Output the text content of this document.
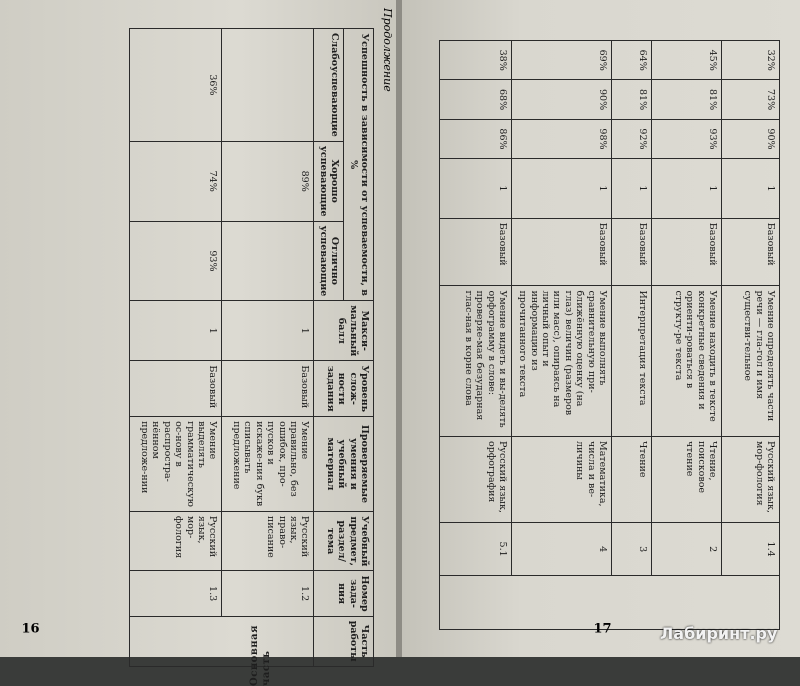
Продолжение
Успешность в зависимости от успеваемости, в %			Макси-мальный балл	Уровень слож-ности задания	Проверяемые умения и учебный материал	Учебный предмет, раздел/тема	Номер зада-ния	Часть работы

Слабоуспевающие	Хорошо успевающие	Отлично успевающие						
	89%		1	Базовый	Умение правильно, без ошибок, про-пусков и искаже-ния букв списывать предложение	Русский язык, право-писание	1.2	Основная часть

36%	74%	93%	1	Базовый	Умение выделять грамматическую ос-нову в распростра-нённом предложе-нии	Русский язык, мор-фология	1.3	
16
32%	73%	90%	1	Базовый	Умение определять части речи — гла-гол и имя существи-тельное	Русский язык, мор-фология	1.4	
45%	81%	93%	1	Базовый	Умение находить в тексте конкретные сведения и ориенти-роваться в структу-ре текста	Чтение, поисковое чтение	2	
64%	81%	92%	1	Базовый	Интерпретация текста	Чтение	3	
69%	90%	98%	1	Базовый	Умение выполнять сравнительную при-ближённую оценку (на глаз) величин (размеров или масс), опираясь на личный опыт и информацию из прочитанного текста	Математика, числа и ве-личины	4	
38%	68%	86%	1	Базовый	Умение видеть и вы-делять орфограмму в слове: проверяе-мая безударная глас-ная в корне слова	Русский язык, орфография	5.1	
17	Лабиринт.ру
